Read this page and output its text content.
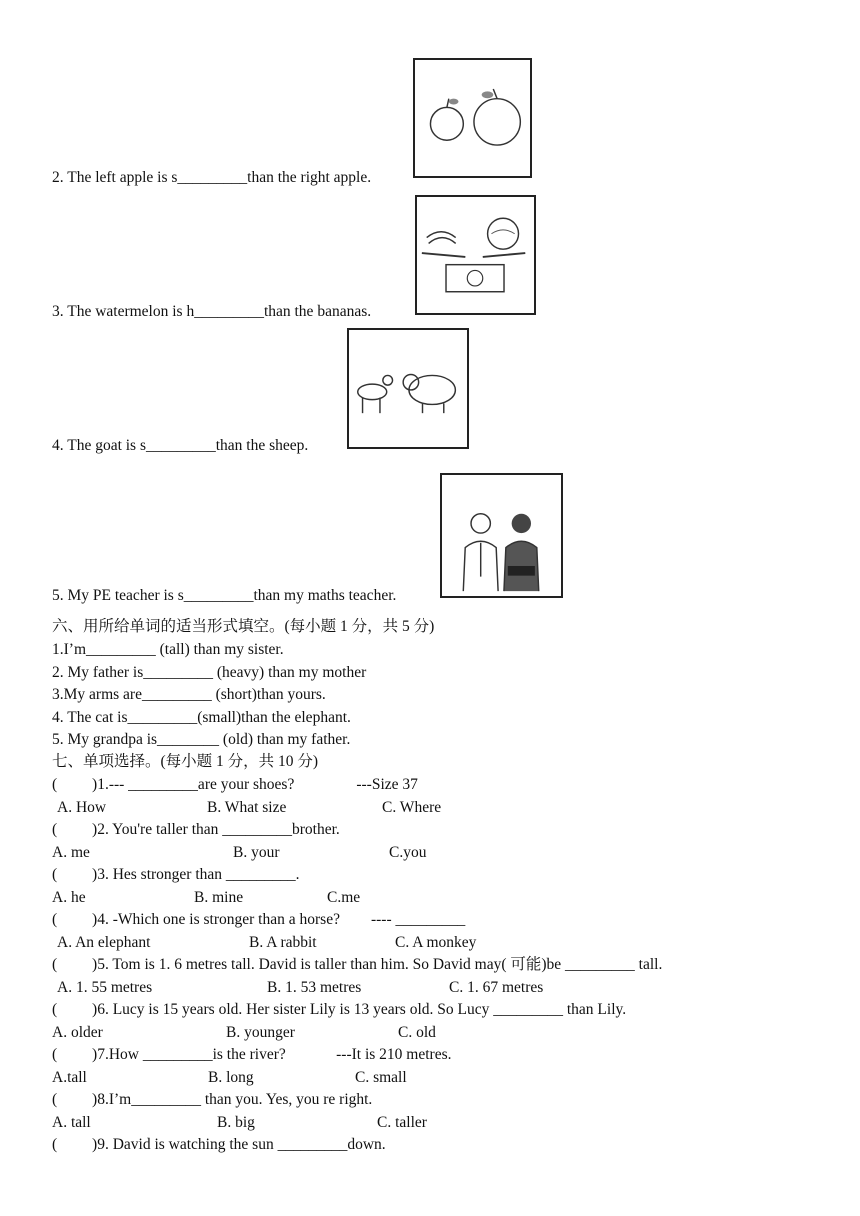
2. The left apple is s_________than the right apple.
3. The watermelon is h_________than the bananas.
4. The goat is s_________than the sheep.
5. My PE teacher is s_________than my maths teacher.
六、用所给单词的适当形式填空。(每小题 1 分，共 5 分)
1.I’m_________ (tall) than my sister.
2. My father is_________ (heavy) than my mother
3.My arms are_________ (short)than yours.
4. The cat is_________(small)than the elephant.
5. My grandpa is________ (old) than my father.
七、单项选择。(每小题 1 分，共 10 分)
(         )1.--- _________are your shoes?                ---Size 37
A. How	B. What size	C. Where
(         )2. You're taller than _________brother.
A. me	B. your	C.you
(         )3. Hes stronger than _________.
A. he	B. mine	C.me
(         )4. -Which one is stronger than a horse?        ---- _________
A. An elephant	B. A rabbit	C. A monkey
(         )5. Tom is 1. 6 metres tall. David is taller than him. So David may( 可能)be _________ tall.
A. 1. 55 metres	B. 1. 53 metres	C. 1. 67 metres
(         )6. Lucy is 15 years old. Her sister Lily is 13 years old. So Lucy _________ than Lily.
A. older	B. younger	C. old
(         )7.How _________is the river?             ---It is 210 metres.
A.tall	B. long	C. small
(         )8.I’m_________ than you. Yes, you re right.
A. tall	B. big	C. taller
(         )9. David is watching the sun _________down.
